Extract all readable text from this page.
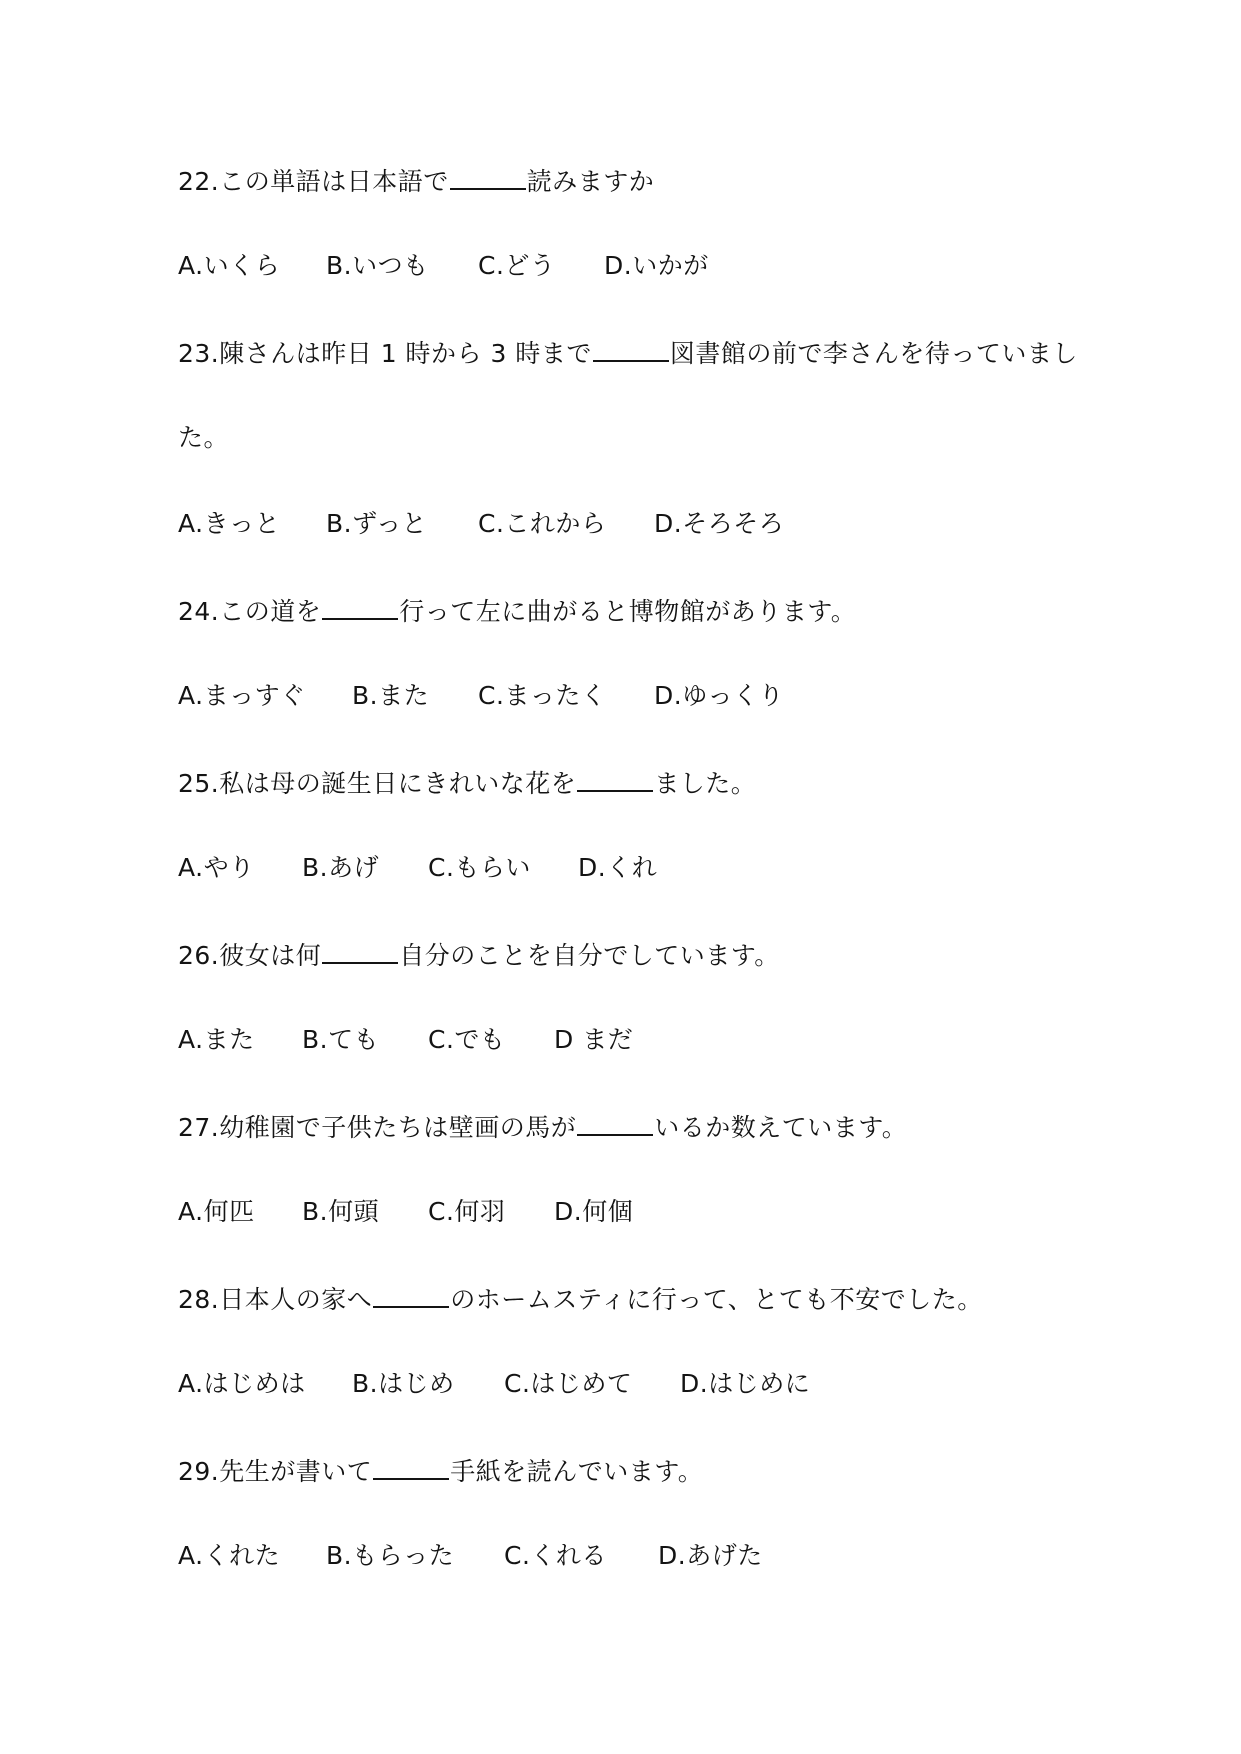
22.この単語は日本語で	読みますか
A.いくら B.いつも C.どう D.いかが
23.陳さんは昨日 1 時から 3 時まで	図書館の前で李さんを待っていまし
た。
A.きっと B.ずっと C.これから D.そろそろ
24.この道を	行って左に曲がると博物館があります。
A.まっすぐ B.また C.まったく D.ゆっくり
25.私は母の誕生日にきれいな花を	ました。
A.やり B.あげ C.もらい D.くれ
26.彼女は何	自分のことを自分でしています。
A.また B.ても C.でも D まだ
27.幼稚園で子供たちは壁画の馬が	いるか数えています。
A.何匹 B.何頭 C.何羽 D.何個
28.日本人の家へ	のホームスティに行って、とても不安でした。
A.はじめは B.はじめ C.はじめて D.はじめに
29.先生が書いて	手紙を読んでいます。
A.くれた B.もらった C.くれる D.あげた
